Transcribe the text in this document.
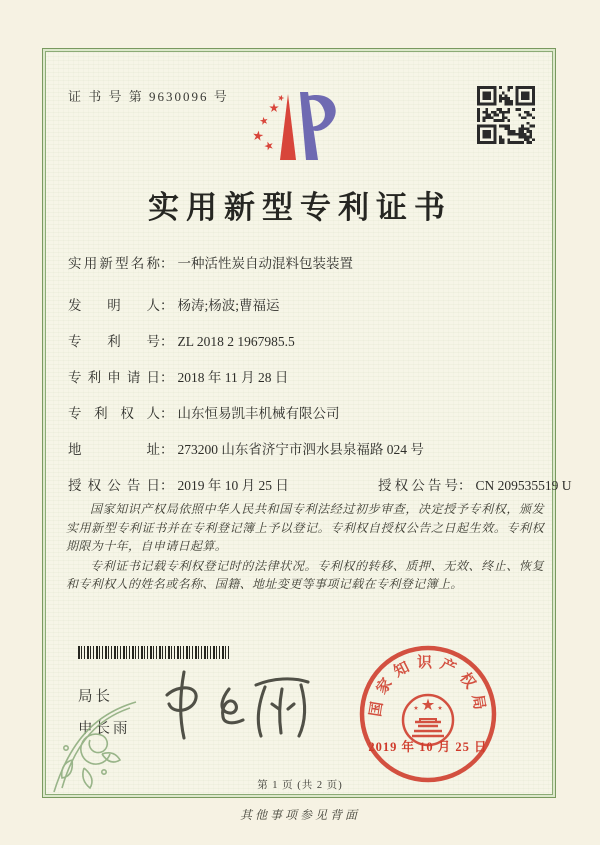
证 书 号 第 9630096 号
实用新型专利证书
实用新型名称： 一种活性炭自动混料包装装置
发明人： 杨涛;杨波;曹福运
专利号： ZL 2018 2 1967985.5
专利申请日： 2018 年 11 月 28 日
专利权人： 山东恒易凯丰机械有限公司
地址： 273200 山东省济宁市泗水县泉福路 024 号
授权公告日： 2019 年 10 月 25 日	授权公告号： CN 209535519 U

国家知识产权局依照中华人民共和国专利法经过初步审查，决定授予专利权，颁发实用新型专利证书并在专利登记簿上予以登记。专利权自授权公告之日起生效。专利权期限为十年，自申请日起算。

专利证书记载专利权登记时的法律状况。专利权的转移、质押、无效、终止、恢复和专利权人的姓名或名称、国籍、地址变更等事项记载在专利登记簿上。

局长
申长雨
国家知识产权局
2019 年 10 月 25 日
第 1 页 (共 2 页)
其他事项参见背面
